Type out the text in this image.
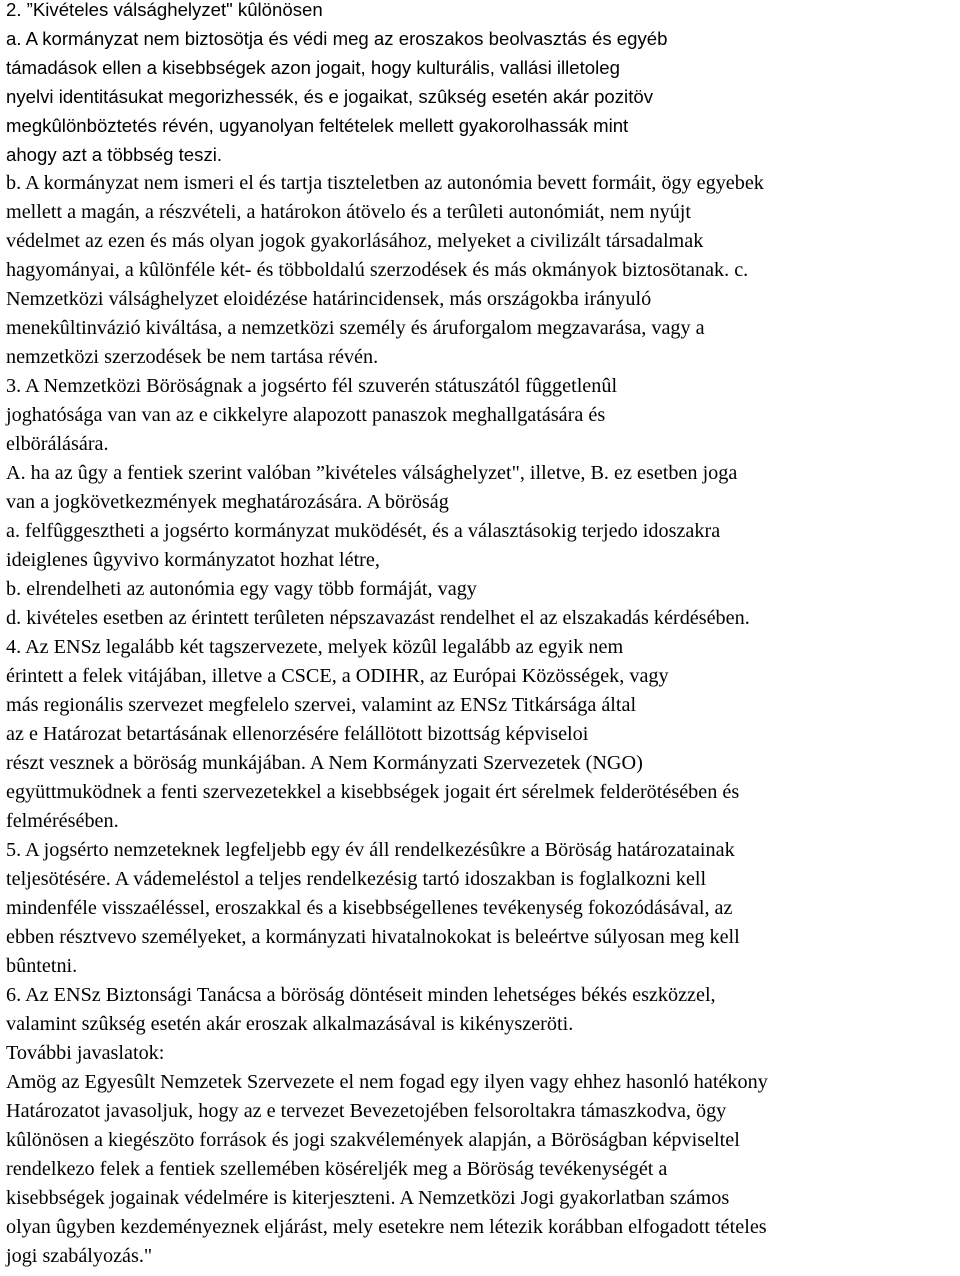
2. ”Kivételes válsághelyzet" kûlönösen
a. A kormányzat nem biztosötja és védi meg az eroszakos beolvasztás és egyéb
támadások ellen a kisebbségek azon jogait, hogy kulturális, vallási illetoleg
nyelvi identitásukat megorizhessék, és e jogaikat, szûkség esetén akár pozitöv
megkûlönböztetés révén, ugyanolyan feltételek mellett gyakorolhassák mint
ahogy azt a többség teszi.
b. A kormányzat nem ismeri el és tartja tiszteletben az autonómia bevett formáit, ögy egyebek
mellett a magán, a részvételi, a határokon átövelo és a terûleti autonómiát, nem nyújt
védelmet az ezen és más olyan jogok gyakorlásához, melyeket a civilizált társadalmak
hagyományai, a kûlönféle két- és többoldalú szerzodések és más okmányok biztosötanak. c.
Nemzetközi válsághelyzet eloidézése határincidensek, más országokba irányuló
menekûltinvázió kiváltása, a nemzetközi személy és áruforgalom megzavarása, vagy a
nemzetközi szerzodések be nem tartása révén.
3. A Nemzetközi Böröságnak a jogsérto fél szuverén státuszától fûggetlenûl
joghatósága van van az e cikkelyre alapozott panaszok meghallgatására és
elbörálására.
A. ha az ûgy a fentiek szerint valóban ”kivételes válsághelyzet", illetve, B. ez esetben joga
van a jogkövetkezmények meghatározására. A böröság
a. felfûggesztheti a jogsérto kormányzat muködését, és a választásokig terjedo idoszakra
ideiglenes ûgyvivo kormányzatot hozhat létre,
b. elrendelheti az autonómia egy vagy több formáját, vagy
d. kivételes esetben az érintett terûleten népszavazást rendelhet el az elszakadás kérdésében.
4. Az ENSz legalább két tagszervezete, melyek közûl legalább az egyik nem
érintett a felek vitájában, illetve a CSCE, a ODIHR, az Európai Közösségek, vagy
más regionális szervezet megfelelo szervei, valamint az ENSz Titkársága által
az e Határozat betartásának ellenorzésére felállötott bizottság képviseloi
részt vesznek a böröság munkájában. A Nem Kormányzati Szervezetek (NGO)
együttmuködnek a fenti szervezetekkel a kisebbségek jogait ért sérelmek felderötésében és
felmérésében.
5. A jogsérto nemzeteknek legfeljebb egy év áll rendelkezésûkre a Böröság határozatainak
teljesötésére. A vádemeléstol a teljes rendelkezésig tartó idoszakban is foglalkozni kell
mindenféle visszaéléssel, eroszakkal és a kisebbségellenes tevékenység fokozódásával, az
ebben résztvevo személyeket, a kormányzati hivatalnokokat is beleértve súlyosan meg kell
bûntetni.
6. Az ENSz Biztonsági Tanácsa a böröság döntéseit minden lehetséges békés eszközzel,
valamint szûkség esetén akár eroszak alkalmazásával is kikényszeröti.
További javaslatok:
Amög az Egyesûlt Nemzetek Szervezete el nem fogad egy ilyen vagy ehhez hasonló hatékony
Határozatot javasoljuk, hogy az e tervezet Bevezetojében felsoroltakra támaszkodva, ögy
kûlönösen a kiegészöto források és jogi szakvélemények alapján, a Böröságban képviseltel
rendelkezo felek a fentiek szellemében köséreljék meg a Böröság tevékenységét a
kisebbségek jogainak védelmére is kiterjeszteni. A Nemzetközi Jogi gyakorlatban számos
olyan ûgyben kezdeményeznek eljárást, mely esetekre nem létezik korábban elfogadott tételes
jogi szabályozás."
